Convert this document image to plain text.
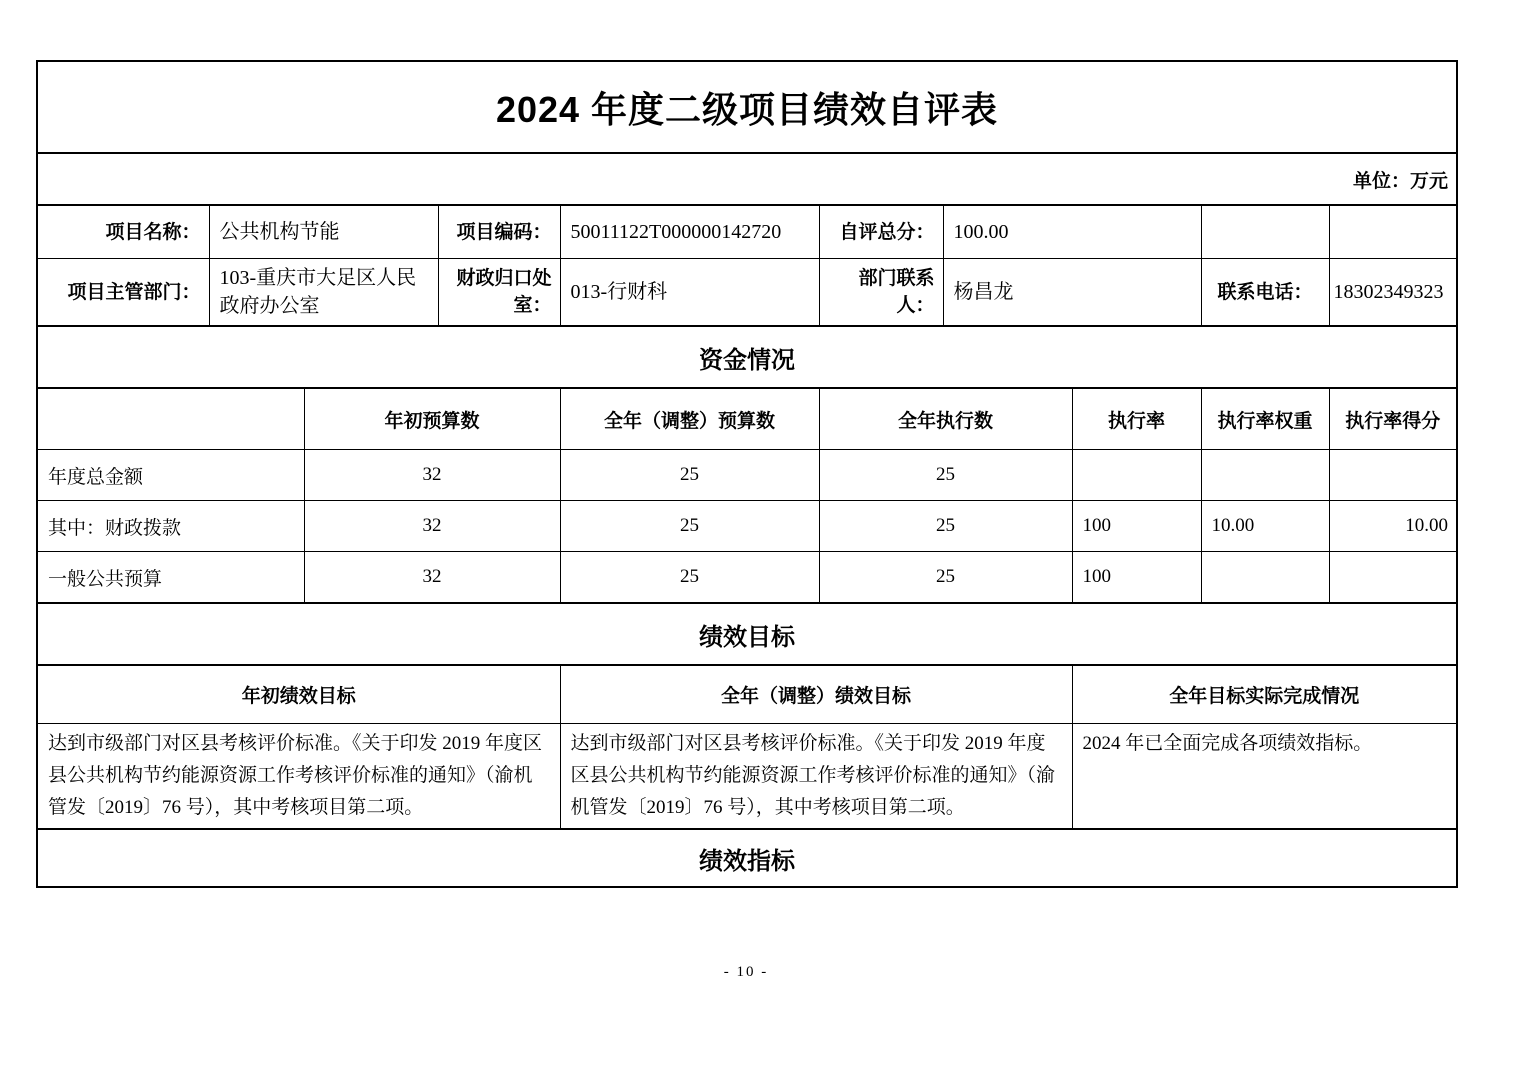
2024 年度二级项目绩效自评表									
单位：万元									
项目名称：	公共机构节能		项目编码：	50011122T000000142720	自评总分：	100.00			
项目主管部门：	103-重庆市大足区人民政府办公室		财政归口处室：	013-行财科	部门联系人：	杨昌龙		联系电话：	18302349323
资金情况									
		年初预算数		全年（调整）预算数	全年执行数		执行率	执行率权重	执行率得分
年度总金额		32		25	25				
其中：财政拨款		32		25	25		100	10.00	10.00
一般公共预算		32		25	25		100		
绩效目标									
年初绩效目标				全年（调整）绩效目标			全年目标实际完成情况		
达到市级部门对区县考核评价标准。《关于印发 2019 年度区县公共机构节约能源资源工作考核评价标准的通知》（渝机管发〔2019〕76 号），其中考核项目第二项。				达到市级部门对区县考核评价标准。《关于印发 2019 年度区县公共机构节约能源资源工作考核评价标准的通知》（渝机管发〔2019〕76 号），其中考核项目第二项。			2024 年已全面完成各项绩效指标。		
绩效指标									
- 10 -
